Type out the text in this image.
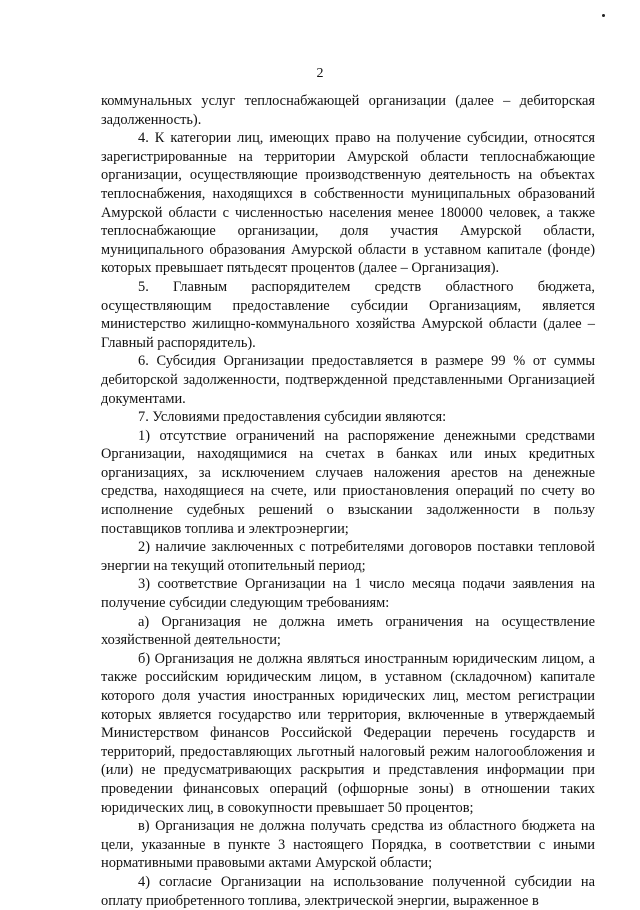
2

коммунальных услуг теплоснабжающей организации (далее – дебиторская задолженность).

4. К категории лиц, имеющих право на получение субсидии, относятся зарегистрированные на территории Амурской области теплоснабжающие организации, осуществляющие производственную деятельность на объектах теплоснабжения, находящихся в собственности муниципальных образований Амурской области с численностью населения менее 180000 человек, а также теплоснабжающие организации, доля участия Амурской области, муниципального образования Амурской области в уставном капитале (фонде) которых превышает пятьдесят процентов (далее – Организация).

5. Главным распорядителем средств областного бюджета, осуществляющим предоставление субсидии Организациям, является министерство жилищно-коммунального хозяйства Амурской области (далее – Главный распорядитель).

6. Субсидия Организации предоставляется в размере 99 % от суммы дебиторской задолженности, подтвержденной представленными Организацией документами.

7. Условиями предоставления субсидии являются:

1) отсутствие ограничений на распоряжение денежными средствами Организации, находящимися на счетах в банках или иных кредитных организациях, за исключением случаев наложения арестов на денежные средства, находящиеся на счете, или приостановления операций по счету во исполнение судебных решений о взыскании задолженности в пользу поставщиков топлива и электроэнергии;

2) наличие заключенных с потребителями договоров поставки тепловой энергии на текущий отопительный период;

3) соответствие Организации на 1 число месяца подачи заявления на получение субсидии следующим требованиям:

а) Организация не должна иметь ограничения на осуществление хозяйственной деятельности;

б) Организация не должна являться иностранным юридическим лицом, а также российским юридическим лицом, в уставном (складочном) капитале которого доля участия иностранных юридических лиц, местом регистрации которых является государство или территория, включенные в утверждаемый Министерством финансов Российской Федерации перечень государств и территорий, предоставляющих льготный налоговый режим налогообложения и (или) не предусматривающих раскрытия и представления информации при проведении финансовых операций (офшорные зоны) в отношении таких юридических лиц, в совокупности превышает 50 процентов;

в) Организация не должна получать средства из областного бюджета на цели, указанные в пункте 3 настоящего Порядка, в соответствии с иными нормативными правовыми актами Амурской области;

4) согласие Организации на использование полученной субсидии на оплату приобретенного топлива, электрической энергии, выраженное в
